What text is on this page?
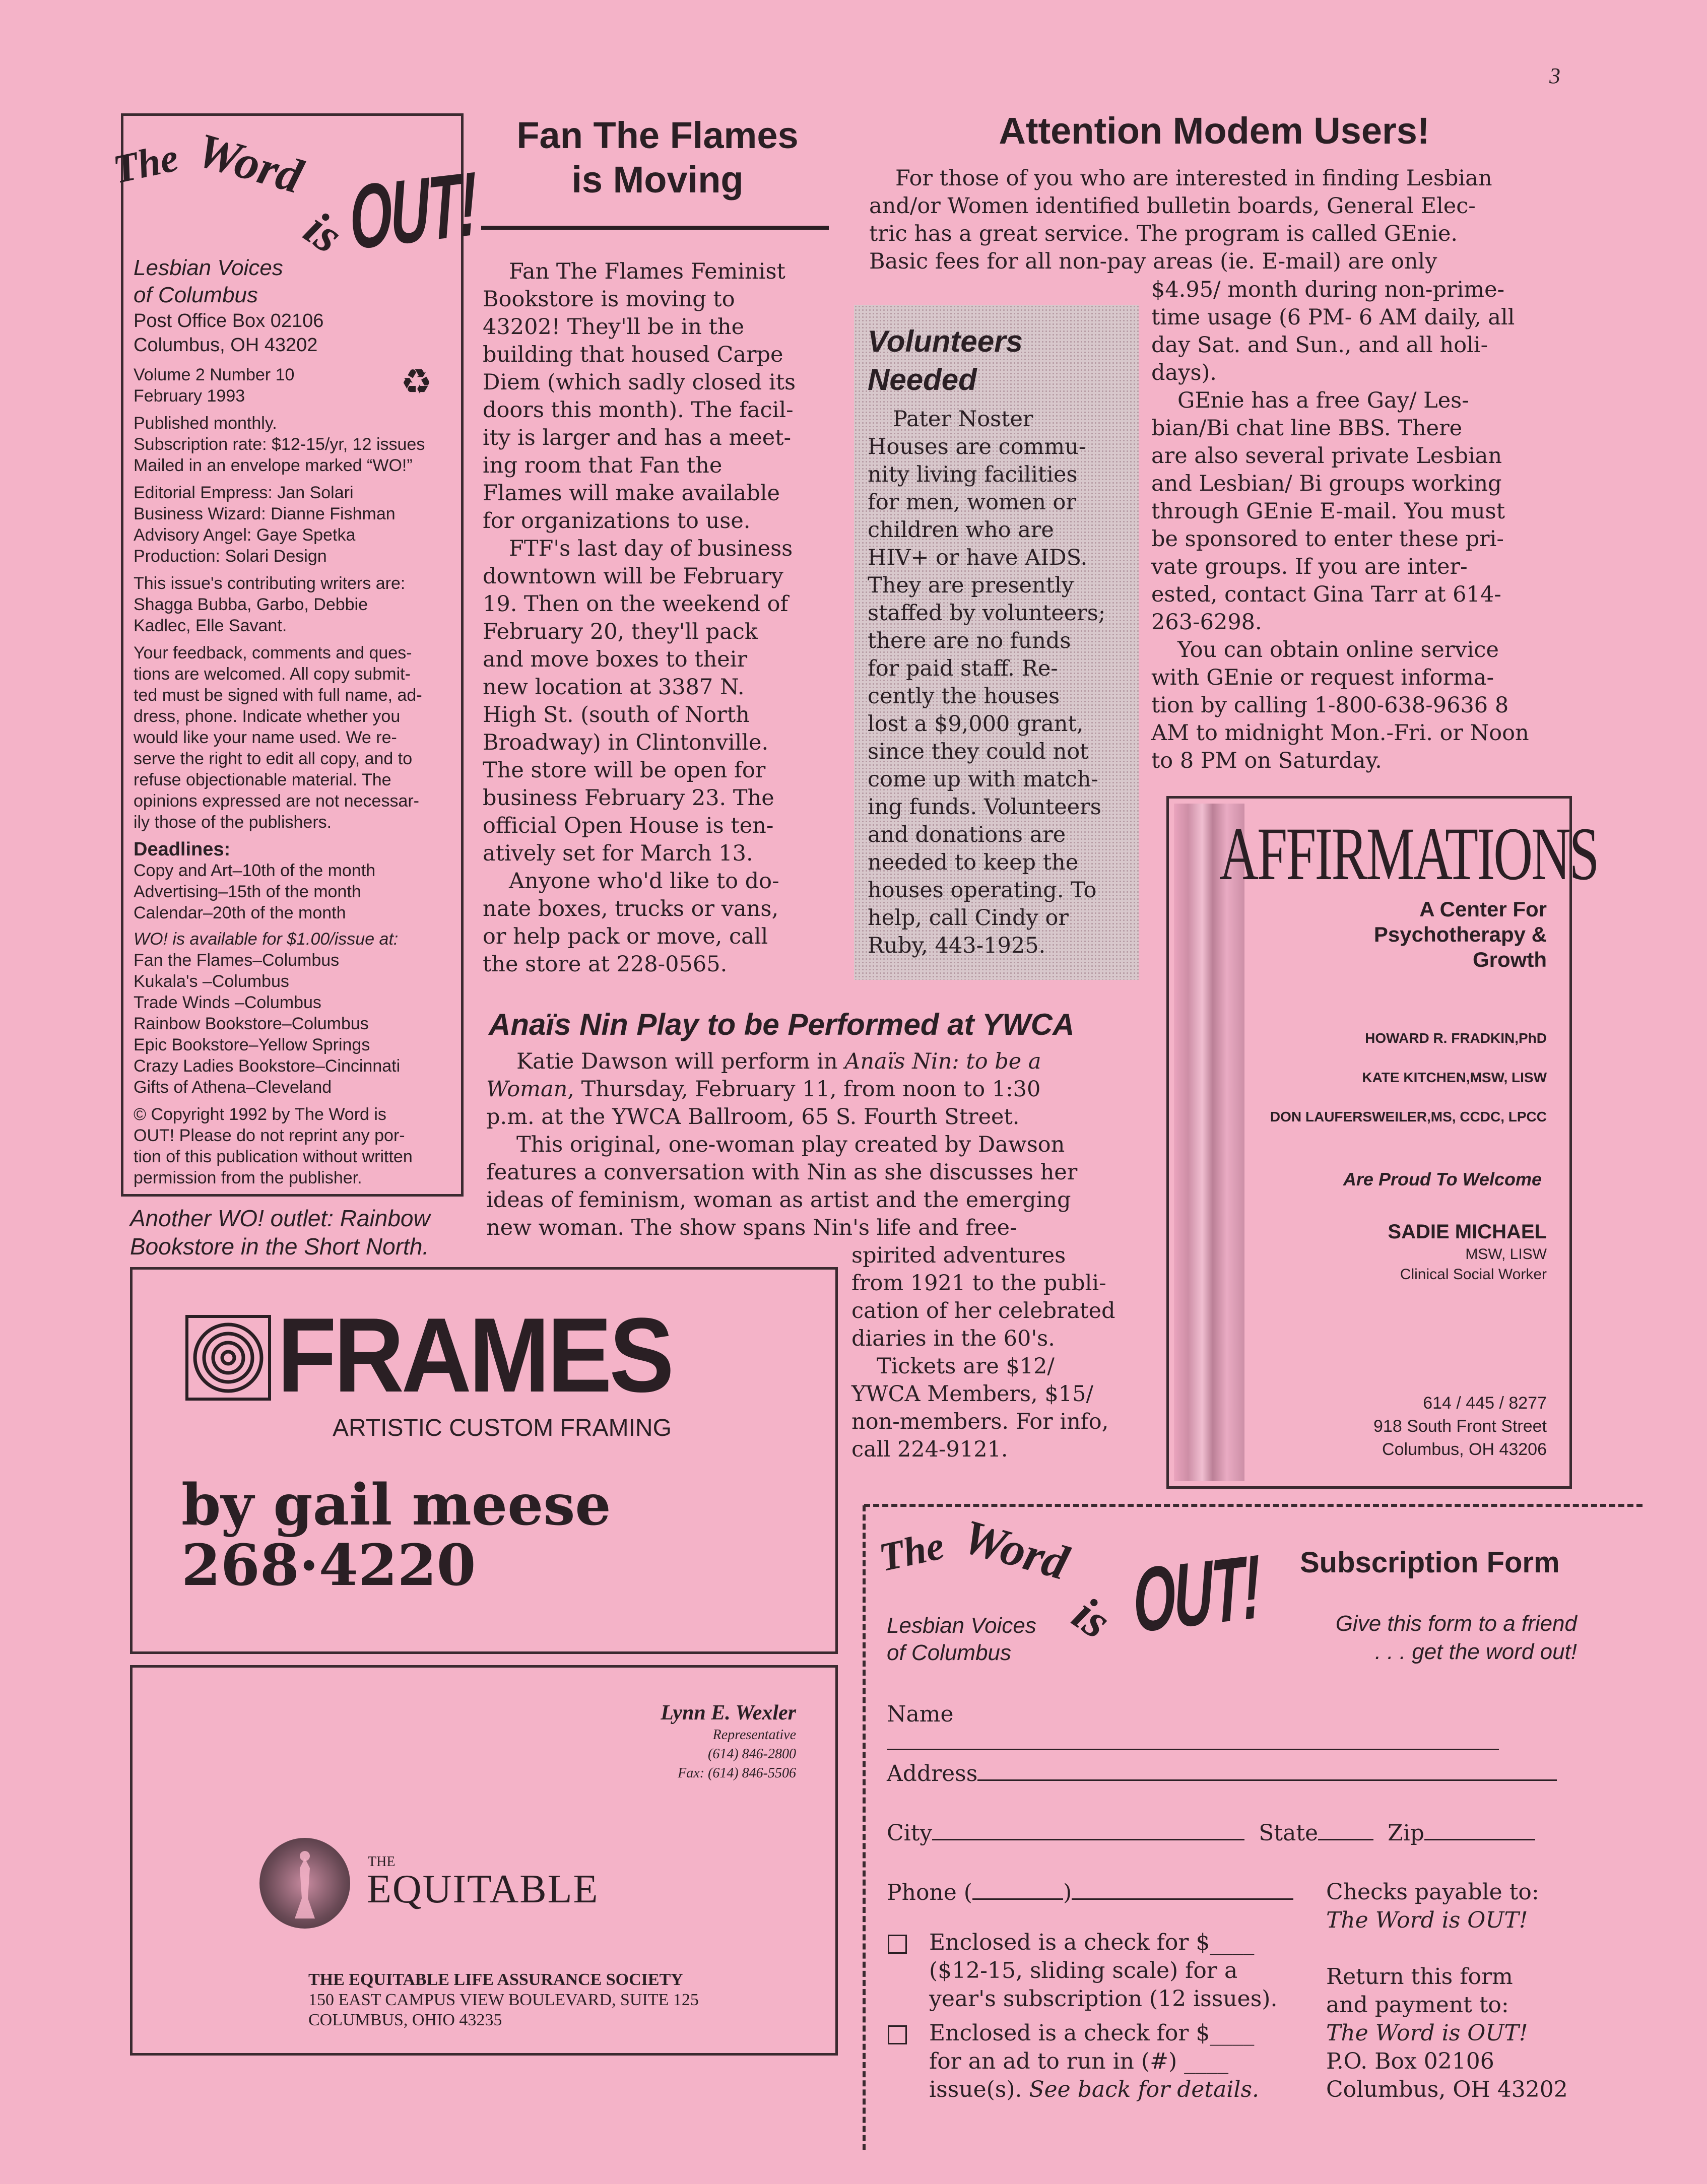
3
The Word
is
OUT!
Lesbian Voices
of Columbus
Post Office Box 02106
Columbus, OH 43202
Volume 2 Number 10
February 1993	♻
Published monthly.
Subscription rate: $12-15/yr, 12 issues
Mailed in an envelope marked “WO!”
Editorial Empress: Jan Solari
Business Wizard: Dianne Fishman
Advisory Angel: Gaye Spetka
Production: Solari Design
This issue's contributing writers are:
Shagga Bubba, Garbo, Debbie
Kadlec, Elle Savant.
Your feedback, comments and ques-
tions are welcomed. All copy submit-
ted must be signed with full name, ad-
dress, phone. Indicate whether you
would like your name used. We re-
serve the right to edit all copy, and to
refuse objectionable material. The
opinions expressed are not necessar-
ily those of the publishers.
Deadlines:
Copy and Art–10th of the month
Advertising–15th of the month
Calendar–20th of the month
WO! is available for $1.00/issue at:
Fan the Flames–Columbus
Kukala's –Columbus
Trade Winds –Columbus
Rainbow Bookstore–Columbus
Epic Bookstore–Yellow Springs
Crazy Ladies Bookstore–Cincinnati
Gifts of Athena–Cleveland
© Copyright 1992 by The Word is
OUT! Please do not reprint any por-
tion of this publication without written
permission from the publisher.
Another WO! outlet: Rainbow
Bookstore in the Short North.
Fan The Flames
is Moving
Fan The Flames Feminist
Bookstore is moving to
43202! They'll be in the
building that housed Carpe
Diem (which sadly closed its
doors this month). The facil-
ity is larger and has a meet-
ing room that Fan the
Flames will make available
for organizations to use.
FTF's last day of business
downtown will be February
19. Then on the weekend of
February 20, they'll pack
and move boxes to their
new location at 3387 N.
High St. (south of North
Broadway) in Clintonville.
The store will be open for
business February 23. The
official Open House is ten-
atively set for March 13.
Anyone who'd like to do-
nate boxes, trucks or vans,
or help pack or move, call
the store at 228-0565.
Attention Modem Users!
For those of you who are interested in finding Lesbian
and/or Women identified bulletin boards, General Elec-
tric has a great service. The program is called GEnie.
Basic fees for all non-pay areas (ie. E-mail) are only
$4.95/ month during non-prime-
time usage (6 PM- 6 AM daily, all
day Sat. and Sun., and all holi-
days).
GEnie has a free Gay/ Les-
bian/Bi chat line BBS. There
are also several private Lesbian
and Lesbian/ Bi groups working
through GEnie E-mail. You must
be sponsored to enter these pri-
vate groups. If you are inter-
ested, contact Gina Tarr at 614-
263-6298.
You can obtain online service
with GEnie or request informa-
tion by calling 1-800-638-9636 8
AM to midnight Mon.-Fri. or Noon
to 8 PM on Saturday.
Volunteers
Needed
Pater Noster
Houses are commu-
nity living facilities
for men, women or
children who are
HIV+ or have AIDS.
They are presently
staffed by volunteers;
there are no funds
for paid staff. Re-
cently the houses
lost a $9,000 grant,
since they could not
come up with match-
ing funds. Volunteers
and donations are
needed to keep the
houses operating. To
help, call Cindy or
Ruby, 443-1925.
Anaïs Nin Play to be Performed at YWCA
Katie Dawson will perform in Anaïs Nin: to be a
Woman, Thursday, February 11, from noon to 1:30
p.m. at the YWCA Ballroom, 65 S. Fourth Street.
This original, one-woman play created by Dawson
features a conversation with Nin as she discusses her
ideas of feminism, woman as artist and the emerging
new woman. The show spans Nin's life and free-
spirited adventures
from 1921 to the publi-
cation of her celebrated
diaries in the 60's.
Tickets are $12/
YWCA Members, $15/
non-members. For info,
call 224-9121.
AFFIRMATIONS
A Center For
Psychotherapy &
Growth
HOWARD R. FRADKIN,PhD
KATE KITCHEN,MSW, LISW
DON LAUFERSWEILER,MS, CCDC, LPCC
Are Proud To Welcome
SADIE MICHAEL
MSW, LISW
Clinical Social Worker
614 / 445 / 8277
918 South Front Street
Columbus, OH 43206
FRAMES
ARTISTIC CUSTOM FRAMING
by gail meese
268·4220
Lynn E. Wexler
Representative
(614) 846-2800
Fax: (614) 846-5506
THE
EQUITABLE
THE EQUITABLE LIFE ASSURANCE SOCIETY
150 EAST CAMPUS VIEW BOULEVARD, SUITE 125
COLUMBUS, OHIO 43235
The Word
is OUT!
Lesbian Voices
of Columbus
Subscription Form
Give this form to a friend
. . . get the word out!
Name
Address
City	State	Zip
Phone (	)
Enclosed is a check for $____
($12-15, sliding scale) for a
year's subscription (12 issues).
Enclosed is a check for $____
for an ad to run in (#) ____
issue(s). See back for details.
Checks payable to:
The Word is OUT!
Return this form
and payment to:
The Word is OUT!
P.O. Box 02106
Columbus, OH 43202
